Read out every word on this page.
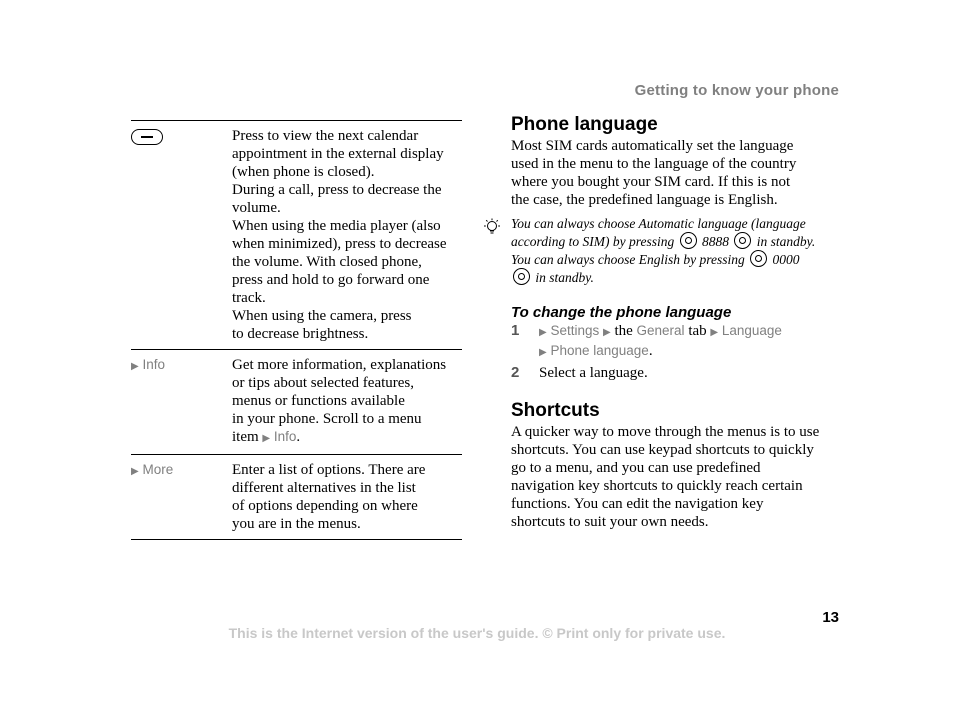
Getting to know your phone
Press to view the next calendar
appointment in the external display
(when phone is closed).
During a call, press to decrease the
volume.
When using the media player (also
when minimized), press to decrease
the volume. With closed phone,
press and hold to go forward one
track.
When using the camera, press
to decrease brightness.
▶ Info	Get more information, explanations
or tips about selected features,
menus or functions available
in your phone. Scroll to a menu
item ▶ Info.
▶ More	Enter a list of options. There are
different alternatives in the list
of options depending on where
you are in the menus.
Phone language
Most SIM cards automatically set the language
used in the menu to the language of the country
where you bought your SIM card. If this is not
the case, the predefined language is English.
You can always choose Automatic language (language
according to SIM) by pressing 8888 in standby.
You can always choose English by pressing 0000
in standby.
To change the phone language
1	▶ Settings ▶ the General tab ▶ Language
▶ Phone language.
2	Select a language.
Shortcuts
A quicker way to move through the menus is to use
shortcuts. You can use keypad shortcuts to quickly
go to a menu, and you can use predefined
navigation key shortcuts to quickly reach certain
functions. You can edit the navigation key
shortcuts to suit your own needs.
13
This is the Internet version of the user's guide. © Print only for private use.
